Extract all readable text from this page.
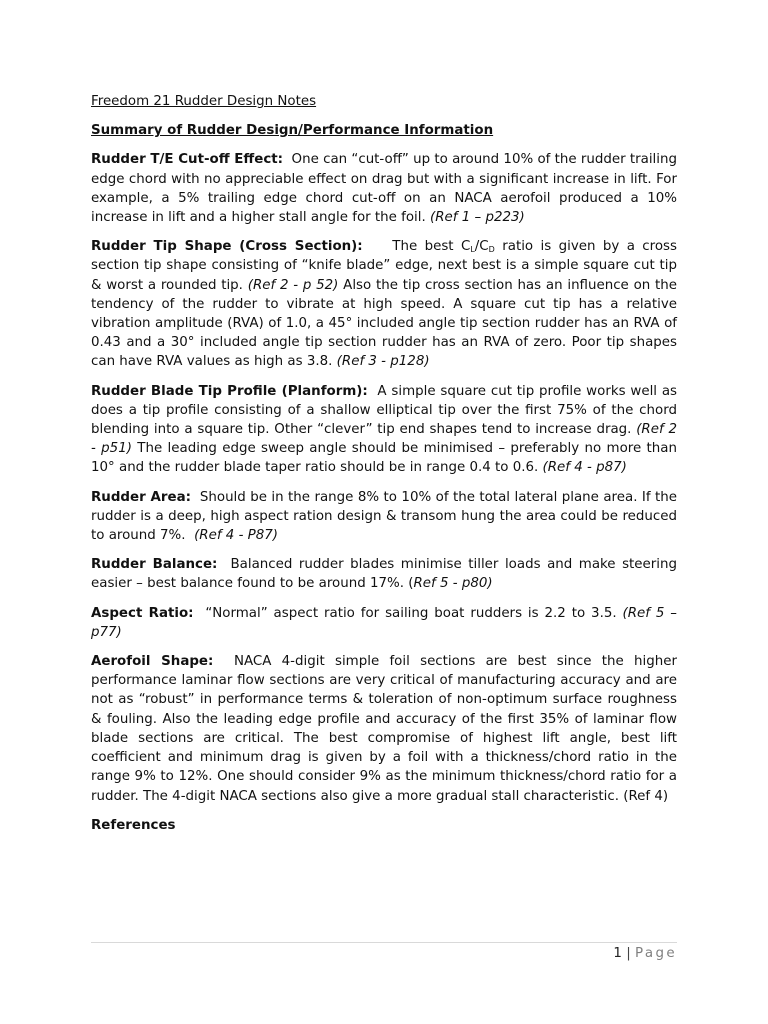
Freedom 21 Rudder Design Notes

Summary of Rudder Design/Performance Information

Rudder T/E Cut-off Effect: One can “cut-off” up to around 10% of the rudder trailing edge chord with no appreciable effect on drag but with a significant increase in lift. For example, a 5% trailing edge chord cut-off on an NACA aerofoil produced a 10% increase in lift and a higher stall angle for the foil. (Ref 1 – p223)

Rudder Tip Shape (Cross Section): The best $C_L/C_D$ ratio is given by a cross section tip shape consisting of “knife blade” edge, next best is a simple square cut tip & worst a rounded tip. (Ref 2 - p 52) Also the tip cross section has an influence on the tendency of the rudder to vibrate at high speed. A square cut tip has a relative vibration amplitude (RVA) of 1.0, a 45° included angle tip section rudder has an RVA of 0.43 and a 30° included angle tip section rudder has an RVA of zero. Poor tip shapes can have RVA values as high as 3.8. (Ref 3 - p128)

Rudder Blade Tip Profile (Planform): A simple square cut tip profile works well as does a tip profile consisting of a shallow elliptical tip over the first 75% of the chord blending into a square tip. Other “clever” tip end shapes tend to increase drag. (Ref 2 - p51) The leading edge sweep angle should be minimised – preferably no more than 10° and the rudder blade taper ratio should be in range 0.4 to 0.6. (Ref 4 - p87)

Rudder Area: Should be in the range 8% to 10% of the total lateral plane area. If the rudder is a deep, high aspect ration design & transom hung the area could be reduced to around 7%. (Ref 4 - P87)

Rudder Balance: Balanced rudder blades minimise tiller loads and make steering easier – best balance found to be around 17%. (Ref 5 - p80)

Aspect Ratio: “Normal” aspect ratio for sailing boat rudders is 2.2 to 3.5. (Ref 5 – p77)

Aerofoil Shape: NACA 4-digit simple foil sections are best since the higher performance laminar flow sections are very critical of manufacturing accuracy and are not as “robust” in performance terms & toleration of non-optimum surface roughness & fouling. Also the leading edge profile and accuracy of the first 35% of laminar flow blade sections are critical. The best compromise of highest lift angle, best lift coefficient and minimum drag is given by a foil with a thickness/chord ratio in the range 9% to 12%. One should consider 9% as the minimum thickness/chord ratio for a rudder. The 4-digit NACA sections also give a more gradual stall characteristic. (Ref 4)

References

1 | Page
